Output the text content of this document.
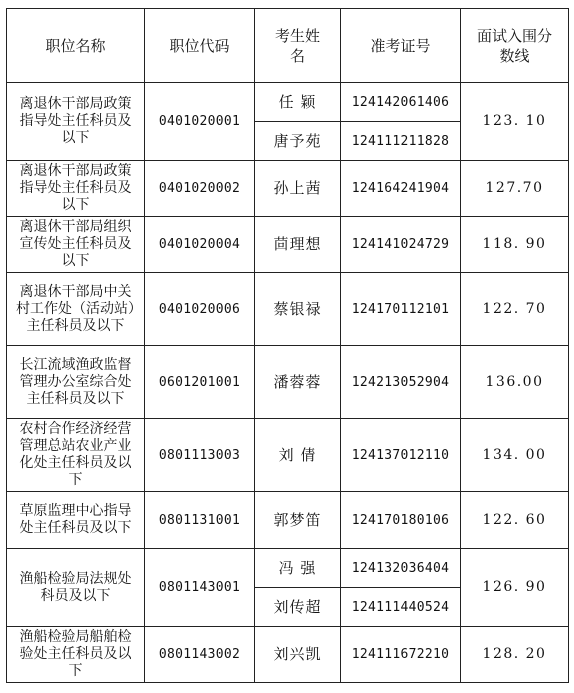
职位名称	职位代码	考生姓名	准考证号	面试入围分数线
离退休干部局政策指导处主任科员及以下	0401020001	任 颖	124142061406	123. 10
		唐予苑	124111211828	
离退休干部局政策指导处主任科员及以下	0401020002	孙上茜	124164241904	127.70
离退休干部局组织宣传处主任科员及以下	0401020004	茴理想	124141024729	118. 90
离退休干部局中关村工作处（活动站）主任科员及以下	0401020006	蔡银禄	124170112101	122. 70
长江流域渔政监督管理办公室综合处主任科员及以下	0601201001	潘蓉蓉	124213052904	136.00
农村合作经济经营管理总站农业产业化处主任科员及以下	0801113003	刘 倩	124137012110	134. 00
草原监理中心指导处主任科员及以下	0801131001	郭梦笛	124170180106	122. 60
渔船检验局法规处科员及以下	0801143001	冯 强	124132036404	126. 90
		刘传超	124111440524	
渔船检验局船舶检验处主任科员及以下	0801143002	刘兴凯	124111672210	128. 20
